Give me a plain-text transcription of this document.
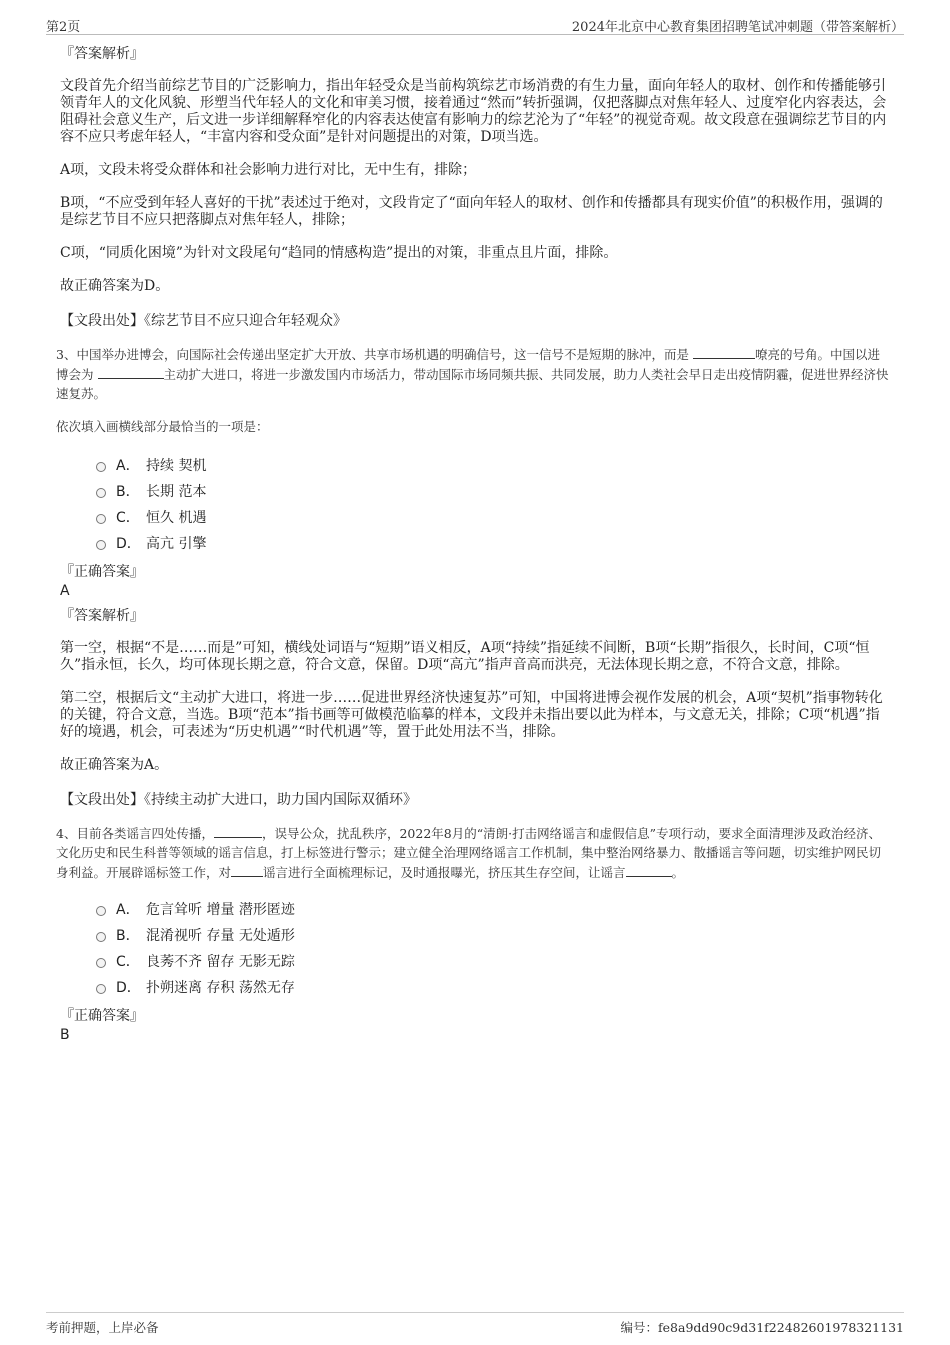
第2页	2024年北京中心教育集团招聘笔试冲刺题（带答案解析）
『答案解析』

文段首先介绍当前综艺节目的广泛影响力，指出年轻受众是当前构筑综艺市场消费的有生力量，面向年轻人的取材、创作和传播能够引领青年人的文化风貌、形塑当代年轻人的文化和审美习惯，接着通过“然而”转折强调，仅把落脚点对焦年轻人、过度窄化内容表达，会阻碍社会意义生产，后文进一步详细解释窄化的内容表达使富有影响力的综艺沦为了“年轻”的视觉奇观。故文段意在强调综艺节目的内容不应只考虑年轻人，“丰富内容和受众面”是针对问题提出的对策，D项当选。

A项，文段未将受众群体和社会影响力进行对比，无中生有，排除；

B项，“不应受到年轻人喜好的干扰”表述过于绝对，文段肯定了“面向年轻人的取材、创作和传播都具有现实价值”的积极作用，强调的是综艺节目不应只把落脚点对焦年轻人，排除；

C项，“同质化困境”为针对文段尾句“趋同的情感构造”提出的对策，非重点且片面，排除。

故正确答案为D。

【文段出处】《综艺节目不应只迎合年轻观众》

3、中国举办进博会，向国际社会传递出坚定扩大开放、共享市场机遇的明确信号，这一信号不是短期的脉冲，而是	嘹亮的号角。中国以进博会为	主动扩大进口，将进一步激发国内市场活力，带动国际市场同频共振、共同发展，助力人类社会早日走出疫情阴霾，促进世界经济快速复苏。

依次填入画横线部分最恰当的一项是：

A． 持续 契机
B． 长期 范本
C． 恒久 机遇
D． 高亢 引擎
『正确答案』
A
『答案解析』

第一空，根据“不是……而是”可知，横线处词语与“短期”语义相反，A项“持续”指延续不间断，B项“长期”指很久，长时间，C项“恒久”指永恒，长久，均可体现长期之意，符合文意，保留。D项“高亢”指声音高而洪亮，无法体现长期之意，不符合文意，排除。

第二空，根据后文“主动扩大进口，将进一步……促进世界经济快速复苏”可知，中国将进博会视作发展的机会，A项“契机”指事物转化的关键，符合文意，当选。B项“范本”指书画等可做模范临摹的样本，文段并未指出要以此为样本，与文意无关，排除；C项“机遇”指好的境遇，机会，可表述为“历史机遇”“时代机遇”等，置于此处用法不当，排除。

故正确答案为A。

【文段出处】《持续主动扩大进口，助力国内国际双循环》

4、目前各类谣言四处传播，	，误导公众，扰乱秩序，2022年8月的“清朗·打击网络谣言和虚假信息”专项行动，要求全面清理涉及政治经济、文化历史和民生科普等领域的谣言信息，打上标签进行警示；建立健全治理网络谣言工作机制，集中整治网络暴力、散播谣言等问题，切实维护网民切身利益。开展辟谣标签工作，对	谣言进行全面梳理标记，及时通报曝光，挤压其生存空间，让谣言	。

A． 危言耸听 增量 潜形匿迹
B． 混淆视听 存量 无处遁形
C． 良莠不齐 留存 无影无踪
D． 扑朔迷离 存积 荡然无存
『正确答案』
B
考前押题，上岸必备	编号：fe8a9dd90c9d31f22482601978321131
